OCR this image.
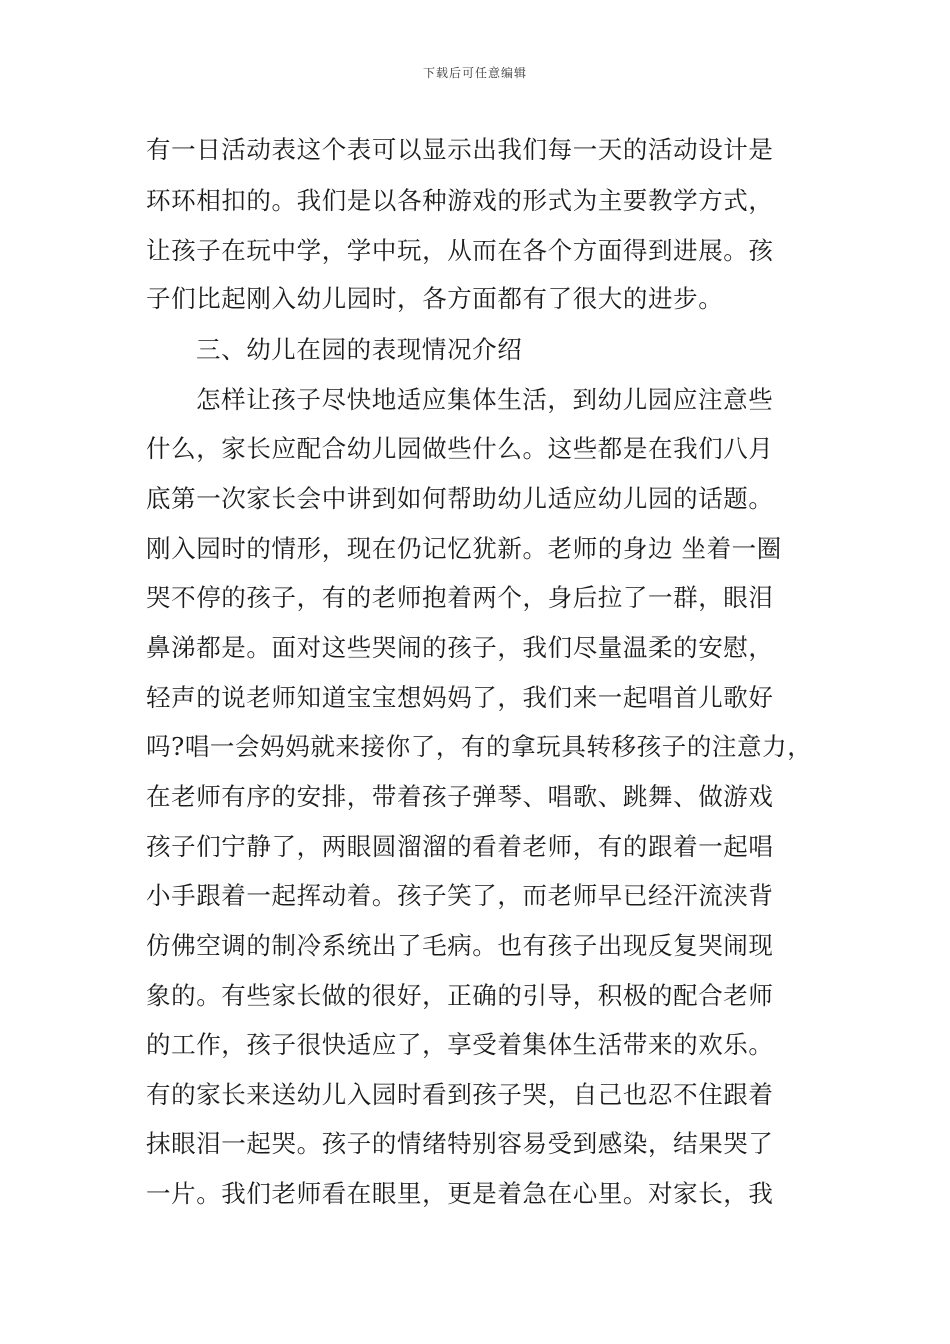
下载后可任意编辑
有一日活动表这个表可以显示出我们每一天的活动设计是
环环相扣的。我们是以各种游戏的形式为主要教学方式，
让孩子在玩中学，学中玩，从而在各个方面得到进展。孩
子们比起刚入幼儿园时，各方面都有了很大的进步。
三、幼儿在园的表现情况介绍
怎样让孩子尽快地适应集体生活，到幼儿园应注意些
什么，家长应配合幼儿园做些什么。这些都是在我们八月
底第一次家长会中讲到如何帮助幼儿适应幼儿园的话题。
刚入园时的情形，现在仍记忆犹新。老师的身边 坐着一圈
哭不停的孩子，有的老师抱着两个，身后拉了一群，眼泪
鼻涕都是。面对这些哭闹的孩子，我们尽量温柔的安慰，
轻声的说老师知道宝宝想妈妈了，我们来一起唱首儿歌好
吗?唱一会妈妈就来接你了，有的拿玩具转移孩子的注意力，
在老师有序的安排，带着孩子弹琴、唱歌、跳舞、做游戏
孩子们宁静了，两眼圆溜溜的看着老师，有的跟着一起唱
小手跟着一起挥动着。孩子笑了，而老师早已经汗流浃背
仿佛空调的制冷系统出了毛病。也有孩子出现反复哭闹现
象的。有些家长做的很好，正确的引导，积极的配合老师
的工作，孩子很快适应了，享受着集体生活带来的欢乐。
有的家长来送幼儿入园时看到孩子哭，自己也忍不住跟着
抹眼泪一起哭。孩子的情绪特别容易受到感染，结果哭了
一片。我们老师看在眼里，更是着急在心里。对家长，我
